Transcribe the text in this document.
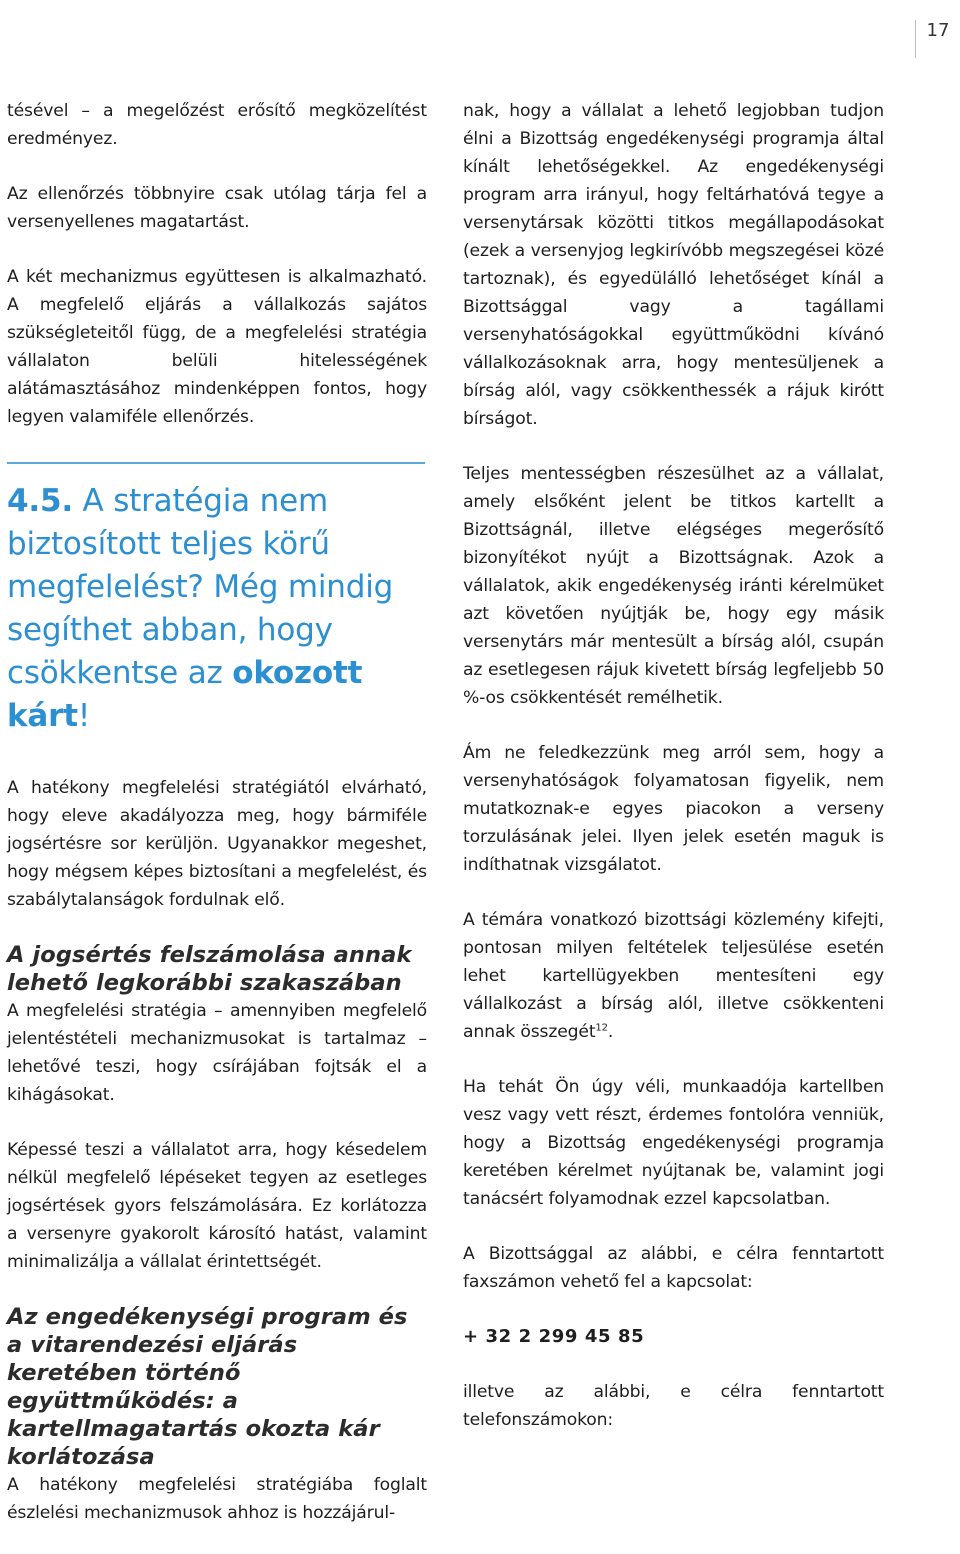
17

tésével – a megelőzést erősítő megközelítést eredményez.

Az ellenőrzés többnyire csak utólag tárja fel a versenyellenes magatartást.

A két mechanizmus együttesen is alkalmazható. A megfelelő eljárás a vállalkozás sajátos szükségleteitől függ, de a megfelelési stratégia vállalaton belüli hitelességének alátámasztásához mindenképpen fontos, hogy legyen valamiféle ellenőrzés.

4.5. A stratégia nem biztosított teljes körű megfelelést? Még mindig segíthet abban, hogy csökkentse az okozott kárt!

A hatékony megfelelési stratégiától elvárható, hogy eleve akadályozza meg, hogy bármiféle jogsértésre sor kerüljön. Ugyanakkor megeshet, hogy mégsem képes biztosítani a megfelelést, és szabálytalanságok fordulnak elő.

A jogsértés felszámolása annak lehető legkorábbi szakaszában

A megfelelési stratégia – amennyiben megfelelő jelentéstételi mechanizmusokat is tartalmaz – lehetővé teszi, hogy csírájában fojtsák el a kihágásokat.

Képessé teszi a vállalatot arra, hogy késedelem nélkül megfelelő lépéseket tegyen az esetleges jogsértések gyors felszámolására. Ez korlátozza a versenyre gyakorolt károsító hatást, valamint minimalizálja a vállalat érintettségét.

Az engedékenységi program és a vitarendezési eljárás keretében történő együttműködés: a kartellmagatartás okozta kár korlátozása

A hatékony megfelelési stratégiába foglalt észlelési mechanizmusok ahhoz is hozzájárul-

nak, hogy a vállalat a lehető legjobban tudjon élni a Bizottság engedékenységi programja által kínált lehetőségekkel. Az engedékenységi program arra irányul, hogy feltárhatóvá tegye a versenytársak közötti titkos megállapodásokat (ezek a versenyjog legkirívóbb megszegései közé tartoznak), és egyedülálló lehetőséget kínál a Bizottsággal vagy a tagállami versenyhatóságokkal együttműködni kívánó vállalkozásoknak arra, hogy mentesüljenek a bírság alól, vagy csökkenthessék a rájuk kirótt bírságot.

Teljes mentességben részesülhet az a vállalat, amely elsőként jelent be titkos kartellt a Bizottságnál, illetve elégséges megerősítő bizonyítékot nyújt a Bizottságnak. Azok a vállalatok, akik engedékenység iránti kérelmüket azt követően nyújtják be, hogy egy másik versenytárs már mentesült a bírság alól, csupán az esetlegesen rájuk kivetett bírság legfeljebb 50 %-os csökkentését remélhetik.

Ám ne feledkezzünk meg arról sem, hogy a versenyhatóságok folyamatosan figyelik, nem mutatkoznak-e egyes piacokon a verseny torzulásának jelei. Ilyen jelek esetén maguk is indíthatnak vizsgálatot.

A témára vonatkozó bizottsági közlemény kifejti, pontosan milyen feltételek teljesülése esetén lehet kartellügyekben mentesíteni egy vállalkozást a bírság alól, illetve csökkenteni annak összegét$^{12}$.

Ha tehát Ön úgy véli, munkaadója kartellben vesz vagy vett részt, érdemes fontolóra venniük, hogy a Bizottság engedékenységi programja keretében kérelmet nyújtanak be, valamint jogi tanácsért folyamodnak ezzel kapcsolatban.

A Bizottsággal az alábbi, e célra fenntartott faxszámon vehető fel a kapcsolat:

+ 32 2 299 45 85

illetve az alábbi, e célra fenntartott telefonszámokon:
